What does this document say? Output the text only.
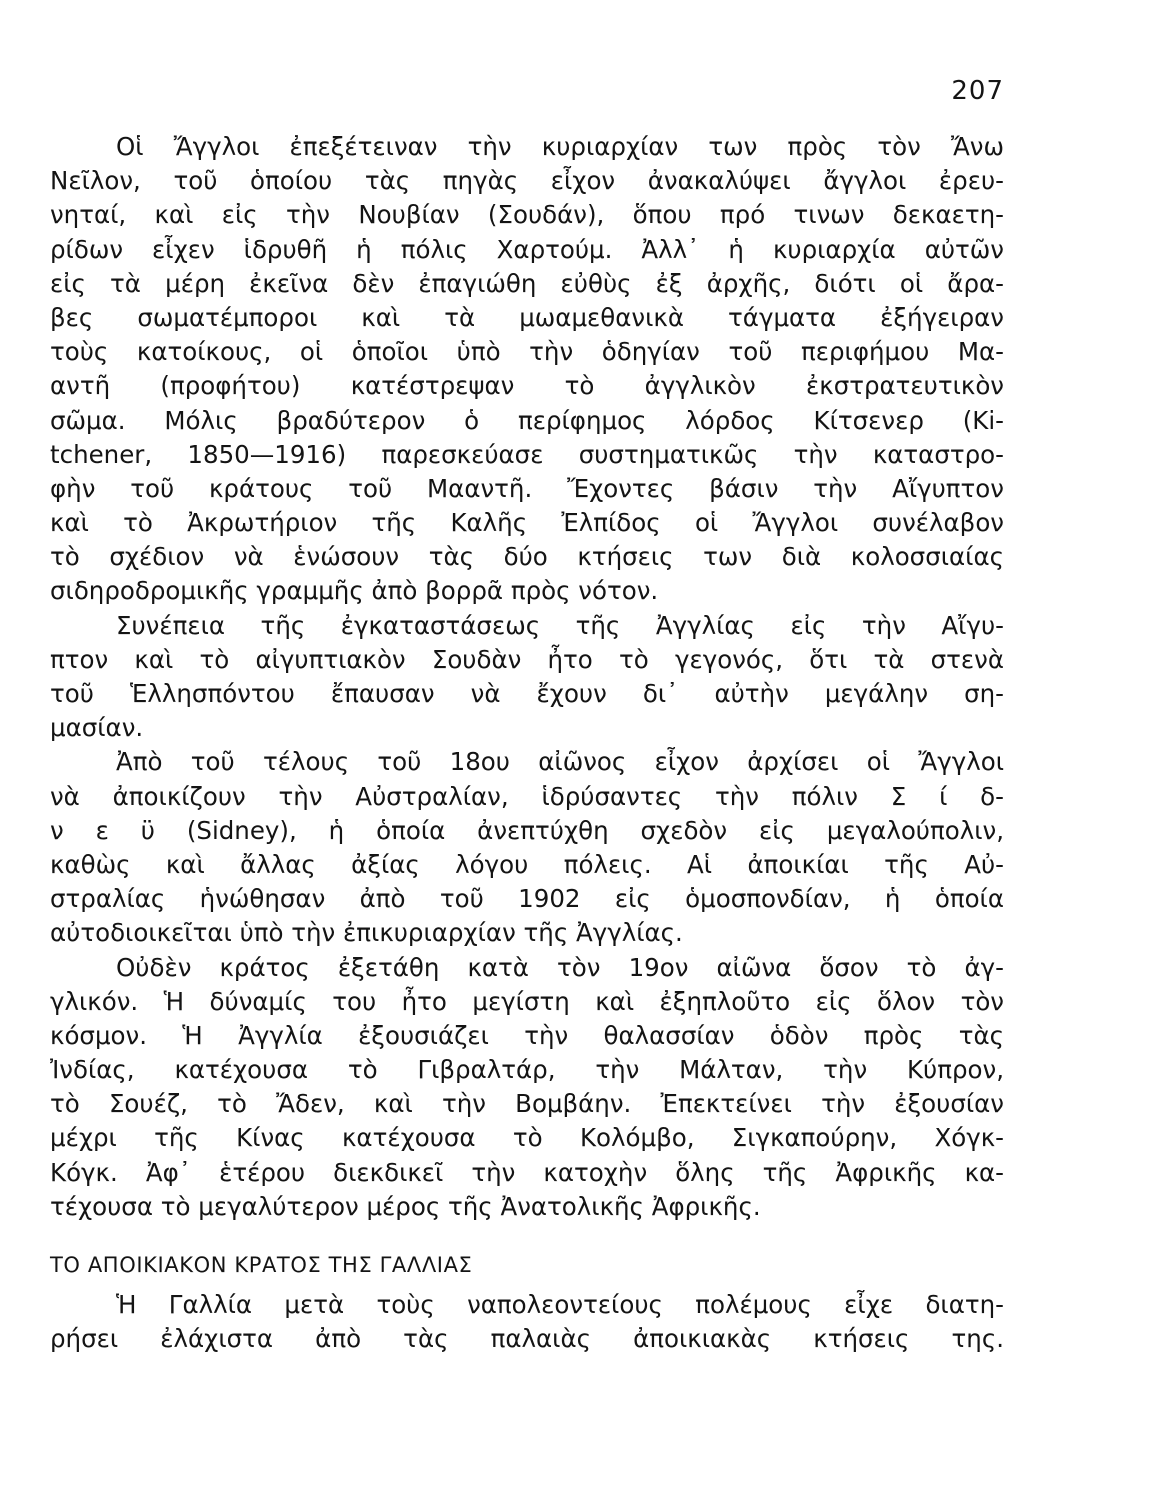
207
Οἱ Ἄγγλοι ἐπεξέτειναν τὴν κυριαρχίαν των πρὸς τὸν Ἄνω
Νεῖλον, τοῦ ὁποίου τὰς πηγὰς εἶχον ἀνακαλύψει ἄγγλοι ἐρευ-
νηταί, καὶ εἰς τὴν Νουβίαν (Σουδάν), ὅπου πρό τινων δεκαετη-
ρίδων εἶχεν ἱδρυθῆ ἡ πόλις Χαρτούμ. Ἀλλ᾽ ἡ κυριαρχία αὐτῶν
εἰς τὰ μέρη ἐκεῖνα δὲν ἐπαγιώθη εὐθὺς ἐξ ἀρχῆς, διότι οἱ ἄρα-
βες σωματέμποροι καὶ τὰ μωαμεθανικὰ τάγματα ἐξήγειραν
τοὺς κατοίκους, οἱ ὁποῖοι ὑπὸ τὴν ὁδηγίαν τοῦ περιφήμου Μα-
αντῆ (προφήτου) κατέστρεψαν τὸ ἀγγλικὸν ἐκστρατευτικὸν
σῶμα. Μόλις βραδύτερον ὁ περίφημος λόρδος Κίτσενερ (Ki-
tchener, 1850—1916) παρεσκεύασε συστηματικῶς τὴν καταστρο-
φὴν τοῦ κράτους τοῦ Μααντῆ. Ἔχοντες βάσιν τὴν Αἴγυπτον
καὶ τὸ Ἀκρωτήριον τῆς Καλῆς Ἐλπίδος οἱ Ἄγγλοι συνέλαβον
τὸ σχέδιον νὰ ἑνώσουν τὰς δύο κτήσεις των διὰ κολοσσιαίας
σιδηροδρομικῆς γραμμῆς ἀπὸ βορρᾶ πρὸς νότον.
Συνέπεια τῆς ἐγκαταστάσεως τῆς Ἀγγλίας εἰς τὴν Αἴγυ-
πτον καὶ τὸ αἰγυπτιακὸν Σουδὰν ἦτο τὸ γεγονός, ὅτι τὰ στενὰ
τοῦ Ἑλλησπόντου ἔπαυσαν νὰ ἔχουν δι᾽ αὐτὴν μεγάλην ση-
μασίαν.
Ἀπὸ τοῦ τέλους τοῦ 18ου αἰῶνος εἶχον ἀρχίσει οἱ Ἄγγλοι
νὰ ἀποικίζουν τὴν Αὐστραλίαν, ἱδρύσαντες τὴν πόλιν Σ ί δ-
ν ε ϋ (Sidney), ἡ ὁποία ἀνεπτύχθη σχεδὸν εἰς μεγαλούπολιν,
καθὼς καὶ ἄλλας ἀξίας λόγου πόλεις. Αἱ ἀποικίαι τῆς Αὐ-
στραλίας ἡνώθησαν ἀπὸ τοῦ 1902 εἰς ὁμοσπονδίαν, ἡ ὁποία
αὐτοδιοικεῖται ὑπὸ τὴν ἐπικυριαρχίαν τῆς Ἀγγλίας.
Οὐδὲν κράτος ἐξετάθη κατὰ τὸν 19ον αἰῶνα ὅσον τὸ ἀγ-
γλικόν. Ἡ δύναμίς του ἦτο μεγίστη καὶ ἐξηπλοῦτο εἰς ὅλον τὸν
κόσμον. Ἡ Ἀγγλία ἐξουσιάζει τὴν θαλασσίαν ὁδὸν πρὸς τὰς
Ἰνδίας, κατέχουσα τὸ Γιβραλτάρ, τὴν Μάλταν, τὴν Κύπρον,
τὸ Σουέζ, τὸ Ἄδεν, καὶ τὴν Βομβάην. Ἐπεκτείνει τὴν ἐξουσίαν
μέχρι τῆς Κίνας κατέχουσα τὸ Κολόμβο, Σιγκαπούρην, Χόγκ-
Κόγκ. Ἀφ᾽ ἑτέρου διεκδικεῖ τὴν κατοχὴν ὅλης τῆς Ἀφρικῆς κα-
τέχουσα τὸ μεγαλύτερον μέρος τῆς Ἀνατολικῆς Ἀφρικῆς.
ΤΟ ΑΠΟΙΚΙΑΚΟΝ ΚΡΑΤΟΣ ΤΗΣ ΓΑΛΛΙΑΣ
Ἡ Γαλλία μετὰ τοὺς ναπολεοντείους πολέμους εἶχε διατη-
ρήσει ἐλάχιστα ἀπὸ τὰς παλαιὰς ἀποικιακὰς κτήσεις της.
